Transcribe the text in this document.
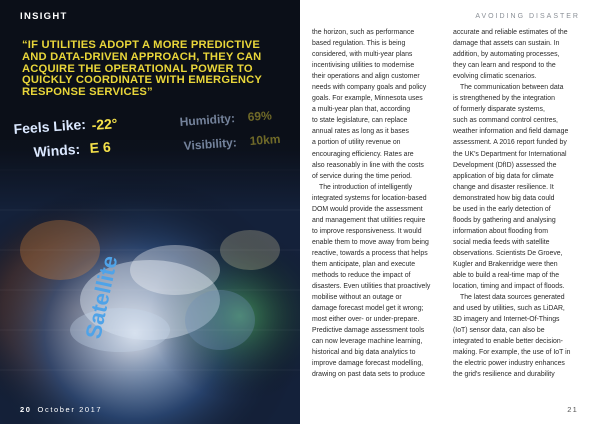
Feels Like: -22°
Winds: E 6
Humidity: 69%
Visibility: 10km
Satellite
INSIGHT
“IF UTILITIES ADOPT A MORE PREDICTIVE AND DATA-DRIVEN APPROACH, THEY CAN ACQUIRE THE OPERATIONAL POWER TO QUICKLY COORDINATE WITH EMERGENCY RESPONSE SERVICES”
20 October 2017
AVOIDING DISASTER
the horizon, such as performance
based regulation. This is being
considered, with multi-year plans
incentivising utilities to modernise
their operations and align customer
needs with company goals and policy
goals. For example, Minnesota uses
a multi-year plan that, according
to state legislature, can replace
annual rates as long as it bases
a portion of utility revenue on
encouraging efficiency. Rates are
also reasonably in line with the costs
of service during the time period.
The introduction of intelligently
integrated systems for location-based
DOM would provide the assessment
and management that utilities require
to improve responsiveness. It would
enable them to move away from being
reactive, towards a process that helps
them anticipate, plan and execute
methods to reduce the impact of
disasters. Even utilities that proactively
mobilise without an outage or
damage forecast model get it wrong;
most either over- or under-prepare.
Predictive damage assessment tools
can now leverage machine learning,
historical and big data analytics to
improve damage forecast modelling,
drawing on past data sets to produce
accurate and reliable estimates of the
damage that assets can sustain. In
addition, by automating processes,
they can learn and respond to the
evolving climatic scenarios.
The communication between data
is strengthened by the integration
of formerly disparate systems,
such as command control centres,
weather information and field damage
assessment. A 2016 report funded by
the UK's Department for International
Development (DfID) assessed the
application of big data for climate
change and disaster resilience. It
demonstrated how big data could
be used in the early detection of
floods by gathering and analysing
information about flooding from
social media feeds with satellite
observations. Scientists De Groeve,
Kugler and Brakenridge were then
able to build a real-time map of the
location, timing and impact of floods.
The latest data sources generated
and used by utilities, such as LiDAR,
3D imagery and Internet-Of-Things
(IoT) sensor data, can also be
integrated to enable better decision-
making. For example, the use of IoT in
the electric power industry enhances
the grid's resilience and durability
21
